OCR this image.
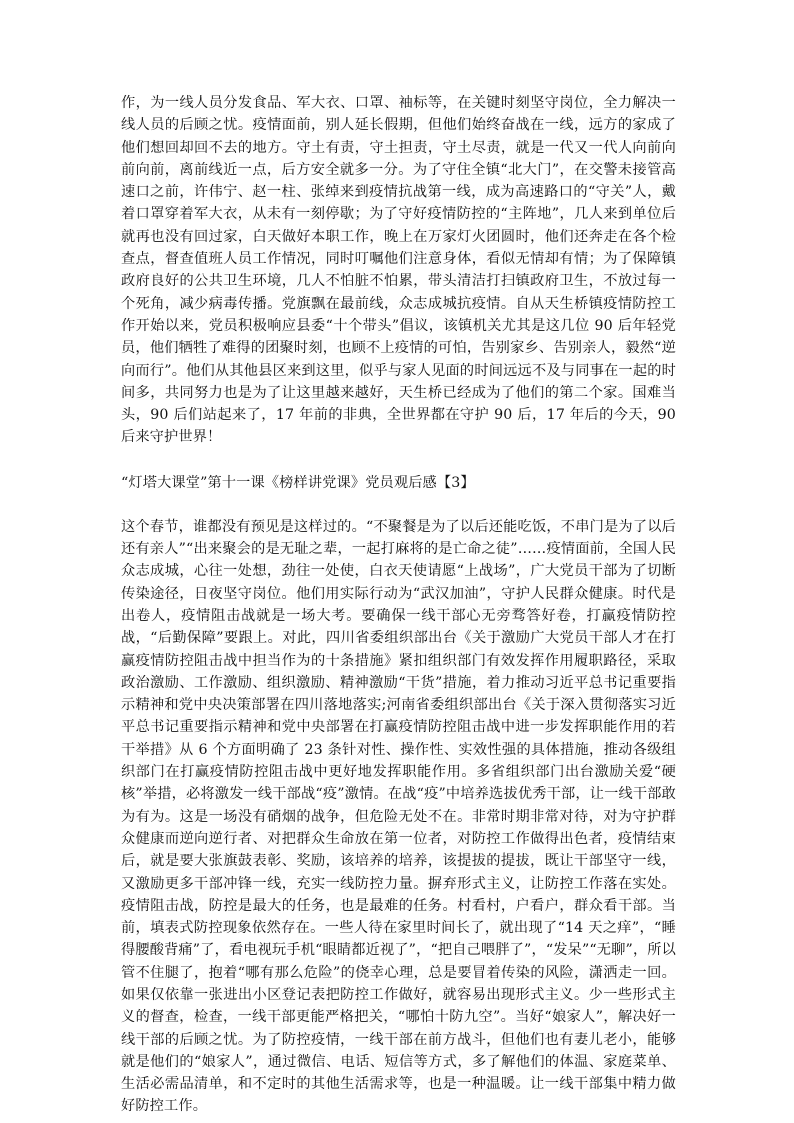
作，为一线人员分发食品、军大衣、口罩、袖标等，在关键时刻坚守岗位，全力解决一线人员的后顾之忧。疫情面前，别人延长假期，但他们始终奋战在一线，远方的家成了他们想回却回不去的地方。守土有责，守土担责，守土尽责，就是一代又一代人向前向前向前，离前线近一点，后方安全就多一分。为了守住全镇“北大门”，在交警未接管高速口之前，许伟宁、赵一柱、张绰来到疫情抗战第一线，成为高速路口的“守关”人，戴着口罩穿着军大衣，从未有一刻停歇；为了守好疫情防控的“主阵地”，几人来到单位后就再也没有回过家，白天做好本职工作，晚上在万家灯火团圆时，他们还奔走在各个检查点，督查值班人员工作情况，同时叮嘱他们注意身体，看似无情却有情；为了保障镇政府良好的公共卫生环境，几人不怕脏不怕累，带头清洁打扫镇政府卫生，不放过每一个死角，减少病毒传播。党旗飘在最前线，众志成城抗疫情。自从天生桥镇疫情防控工作开始以来，党员积极响应县委“十个带头”倡议，该镇机关尤其是这几位 90 后年轻党员，他们牺牲了难得的团聚时刻，也顾不上疫情的可怕，告别家乡、告别亲人，毅然“逆向而行”。他们从其他县区来到这里，似乎与家人见面的时间远远不及与同事在一起的时间多，共同努力也是为了让这里越来越好，天生桥已经成为了他们的第二个家。国难当头，90 后们站起来了，17 年前的非典，全世界都在守护 90 后，17 年后的今天，90 后来守护世界！

“灯塔大课堂”第十一课《榜样讲党课》党员观后感【3】

这个春节，谁都没有预见是这样过的。“不聚餐是为了以后还能吃饭，不串门是为了以后还有亲人”“出来聚会的是无耻之辈，一起打麻将的是亡命之徒”……疫情面前，全国人民众志成城，心往一处想，劲往一处使，白衣天使请愿“上战场”，广大党员干部为了切断传染途径，日夜坚守岗位。他们用实际行动为“武汉加油”，守护人民群众健康。时代是出卷人，疫情阻击战就是一场大考。要确保一线干部心无旁骛答好卷，打赢疫情防控战，“后勤保障”要跟上。对此，四川省委组织部出台《关于激励广大党员干部人才在打赢疫情防控阻击战中担当作为的十条措施》紧扣组织部门有效发挥作用履职路径，采取政治激励、工作激励、组织激励、精神激励“干货”措施，着力推动习近平总书记重要指示精神和党中央决策部署在四川落地落实;河南省委组织部出台《关于深入贯彻落实习近平总书记重要指示精神和党中央部署在打赢疫情防控阻击战中进一步发挥职能作用的若干举措》从 6 个方面明确了 23 条针对性、操作性、实效性强的具体措施，推动各级组织部门在打赢疫情防控阻击战中更好地发挥职能作用。多省组织部门出台激励关爱“硬核”举措，必将激发一线干部战“疫”激情。在战“疫”中培养选拔优秀干部，让一线干部敢为有为。这是一场没有硝烟的战争，但危险无处不在。非常时期非常对待，对为守护群众健康而逆向逆行者、对把群众生命放在第一位者，对防控工作做得出色者，疫情结束后，就是要大张旗鼓表彰、奖励，该培养的培养，该提拔的提拔，既让干部坚守一线，又激励更多干部冲锋一线，充实一线防控力量。摒弃形式主义，让防控工作落在实处。疫情阻击战，防控是最大的任务，也是最难的任务。村看村，户看户，群众看干部。当前，填表式防控现象依然存在。一些人待在家里时间长了，就出现了“14 天之痒”，“睡得腰酸背痛”了，看电视玩手机“眼睛都近视了”，“把自己喂胖了”，“发呆”“无聊”，所以管不住腿了，抱着“哪有那么危险”的侥幸心理，总是要冒着传染的风险，潇洒走一回。如果仅依靠一张进出小区登记表把防控工作做好，就容易出现形式主义。少一些形式主义的督查，检查，一线干部更能严格把关，“哪怕十防九空”。当好“娘家人”，解决好一线干部的后顾之忧。为了防控疫情，一线干部在前方战斗，但他们也有妻儿老小，能够就是他们的“娘家人”，通过微信、电话、短信等方式，多了解他们的体温、家庭菜单、生活必需品清单，和不定时的其他生活需求等，也是一种温暖。让一线干部集中精力做好防控工作。
